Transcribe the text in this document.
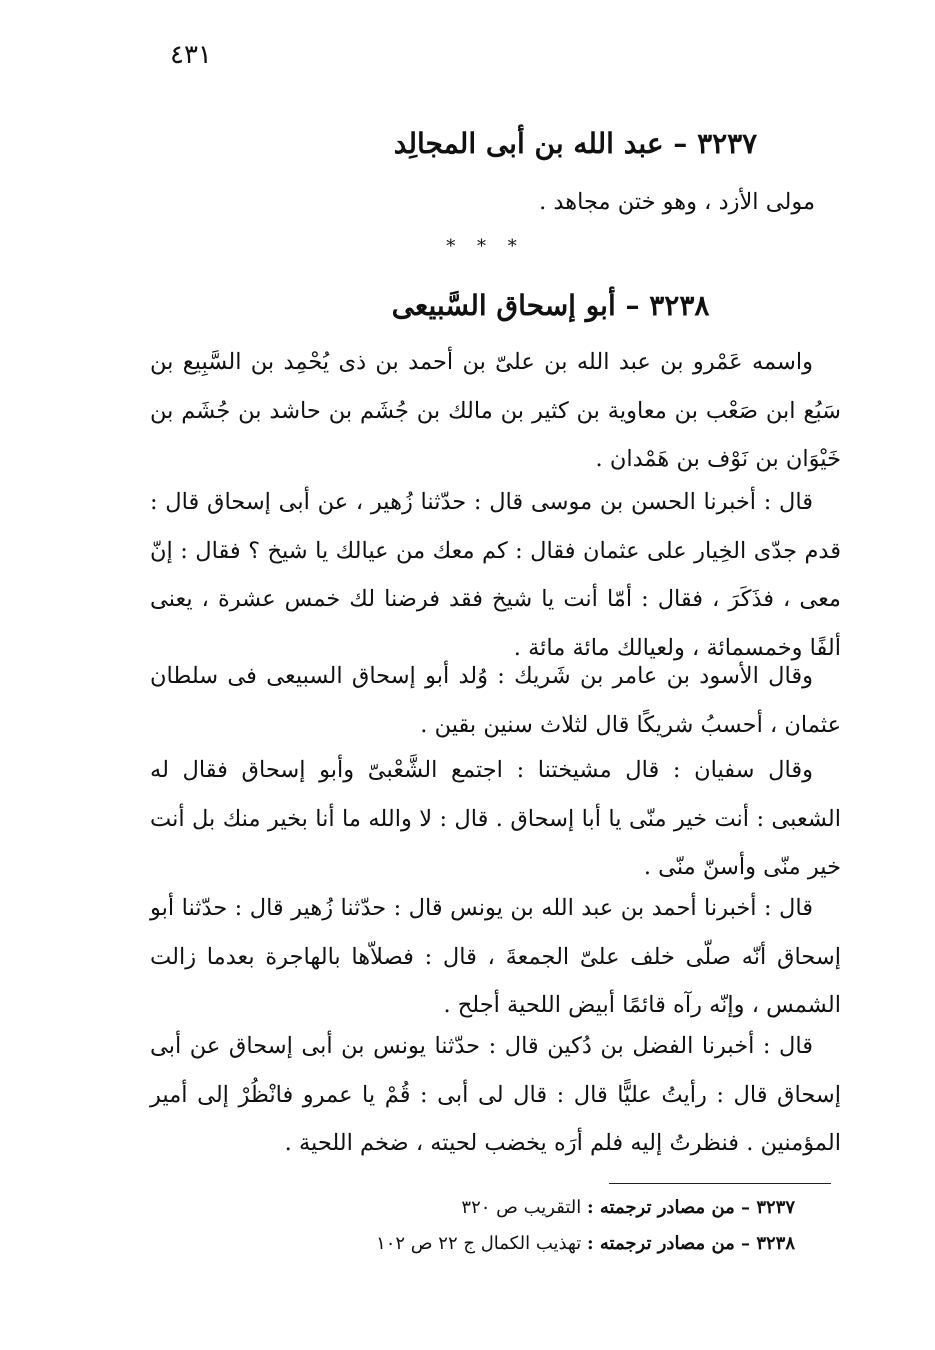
٤٣١
٣٢٣٧ – عبد الله بن أبى المجالِد
مولى الأزد ، وهو ختن مجاهد .
* * *
٣٢٣٨ – أبو إسحاق السَّبيعى
واسمه عَمْرو بن عبد الله بن علىّ بن أحمد بن ذى يُحْمِد بن السَّبِيع بن سَبُع ابن صَعْب بن معاوية بن كثير بن مالك بن جُشَم بن حاشد بن جُشَم بن خَيْوَان بن نَوْف بن هَمْدان .
قال : أخبرنا الحسن بن موسى قال : حدّثنا زُهير ، عن أبى إسحاق قال : قدم جدّى الخِيار على عثمان فقال : كم معك من عيالك يا شيخ ؟ فقال : إنّ معى ، فذَكَرَ ، فقال : أمّا أنت يا شيخ فقد فرضنا لك خمس عشرة ، يعنى ألفًا وخمسمائة ، ولعيالك مائة مائة .
وقال الأسود بن عامر بن شَريك : وُلد أبو إسحاق السبيعى فى سلطان عثمان ، أحسبُ شريكًا قال لثلاث سنين بقين .
وقال سفيان : قال مشيختنا : اجتمع الشَّعْبىّ وأبو إسحاق فقال له الشعبى : أنت خير منّى يا أبا إسحاق . قال : لا والله ما أنا بخير منك بل أنت خير منّى وأسنّ منّى .
قال : أخبرنا أحمد بن عبد الله بن يونس قال : حدّثنا زُهير قال : حدّثنا أبو إسحاق أنّه صلّى خلف علىّ الجمعةَ ، قال : فصلاّها بالهاجرة بعدما زالت الشمس ، وإنّه رآه قائمًا أبيض اللحية أجلح .
قال : أخبرنا الفضل بن دُكين قال : حدّثنا يونس بن أبى إسحاق عن أبى إسحاق قال : رأيتُ عليًّا قال : قال لى أبى : قُمْ يا عمرو فانْظُرْ إلى أمير المؤمنين . فنظرتُ إليه فلم أرَه يخضب لحيته ، ضخم اللحية .
٣٢٣٧ – من مصادر ترجمته : التقريب ص ٣٢٠
٣٢٣٨ – من مصادر ترجمته : تهذيب الكمال ج ٢٢ ص ١٠٢
